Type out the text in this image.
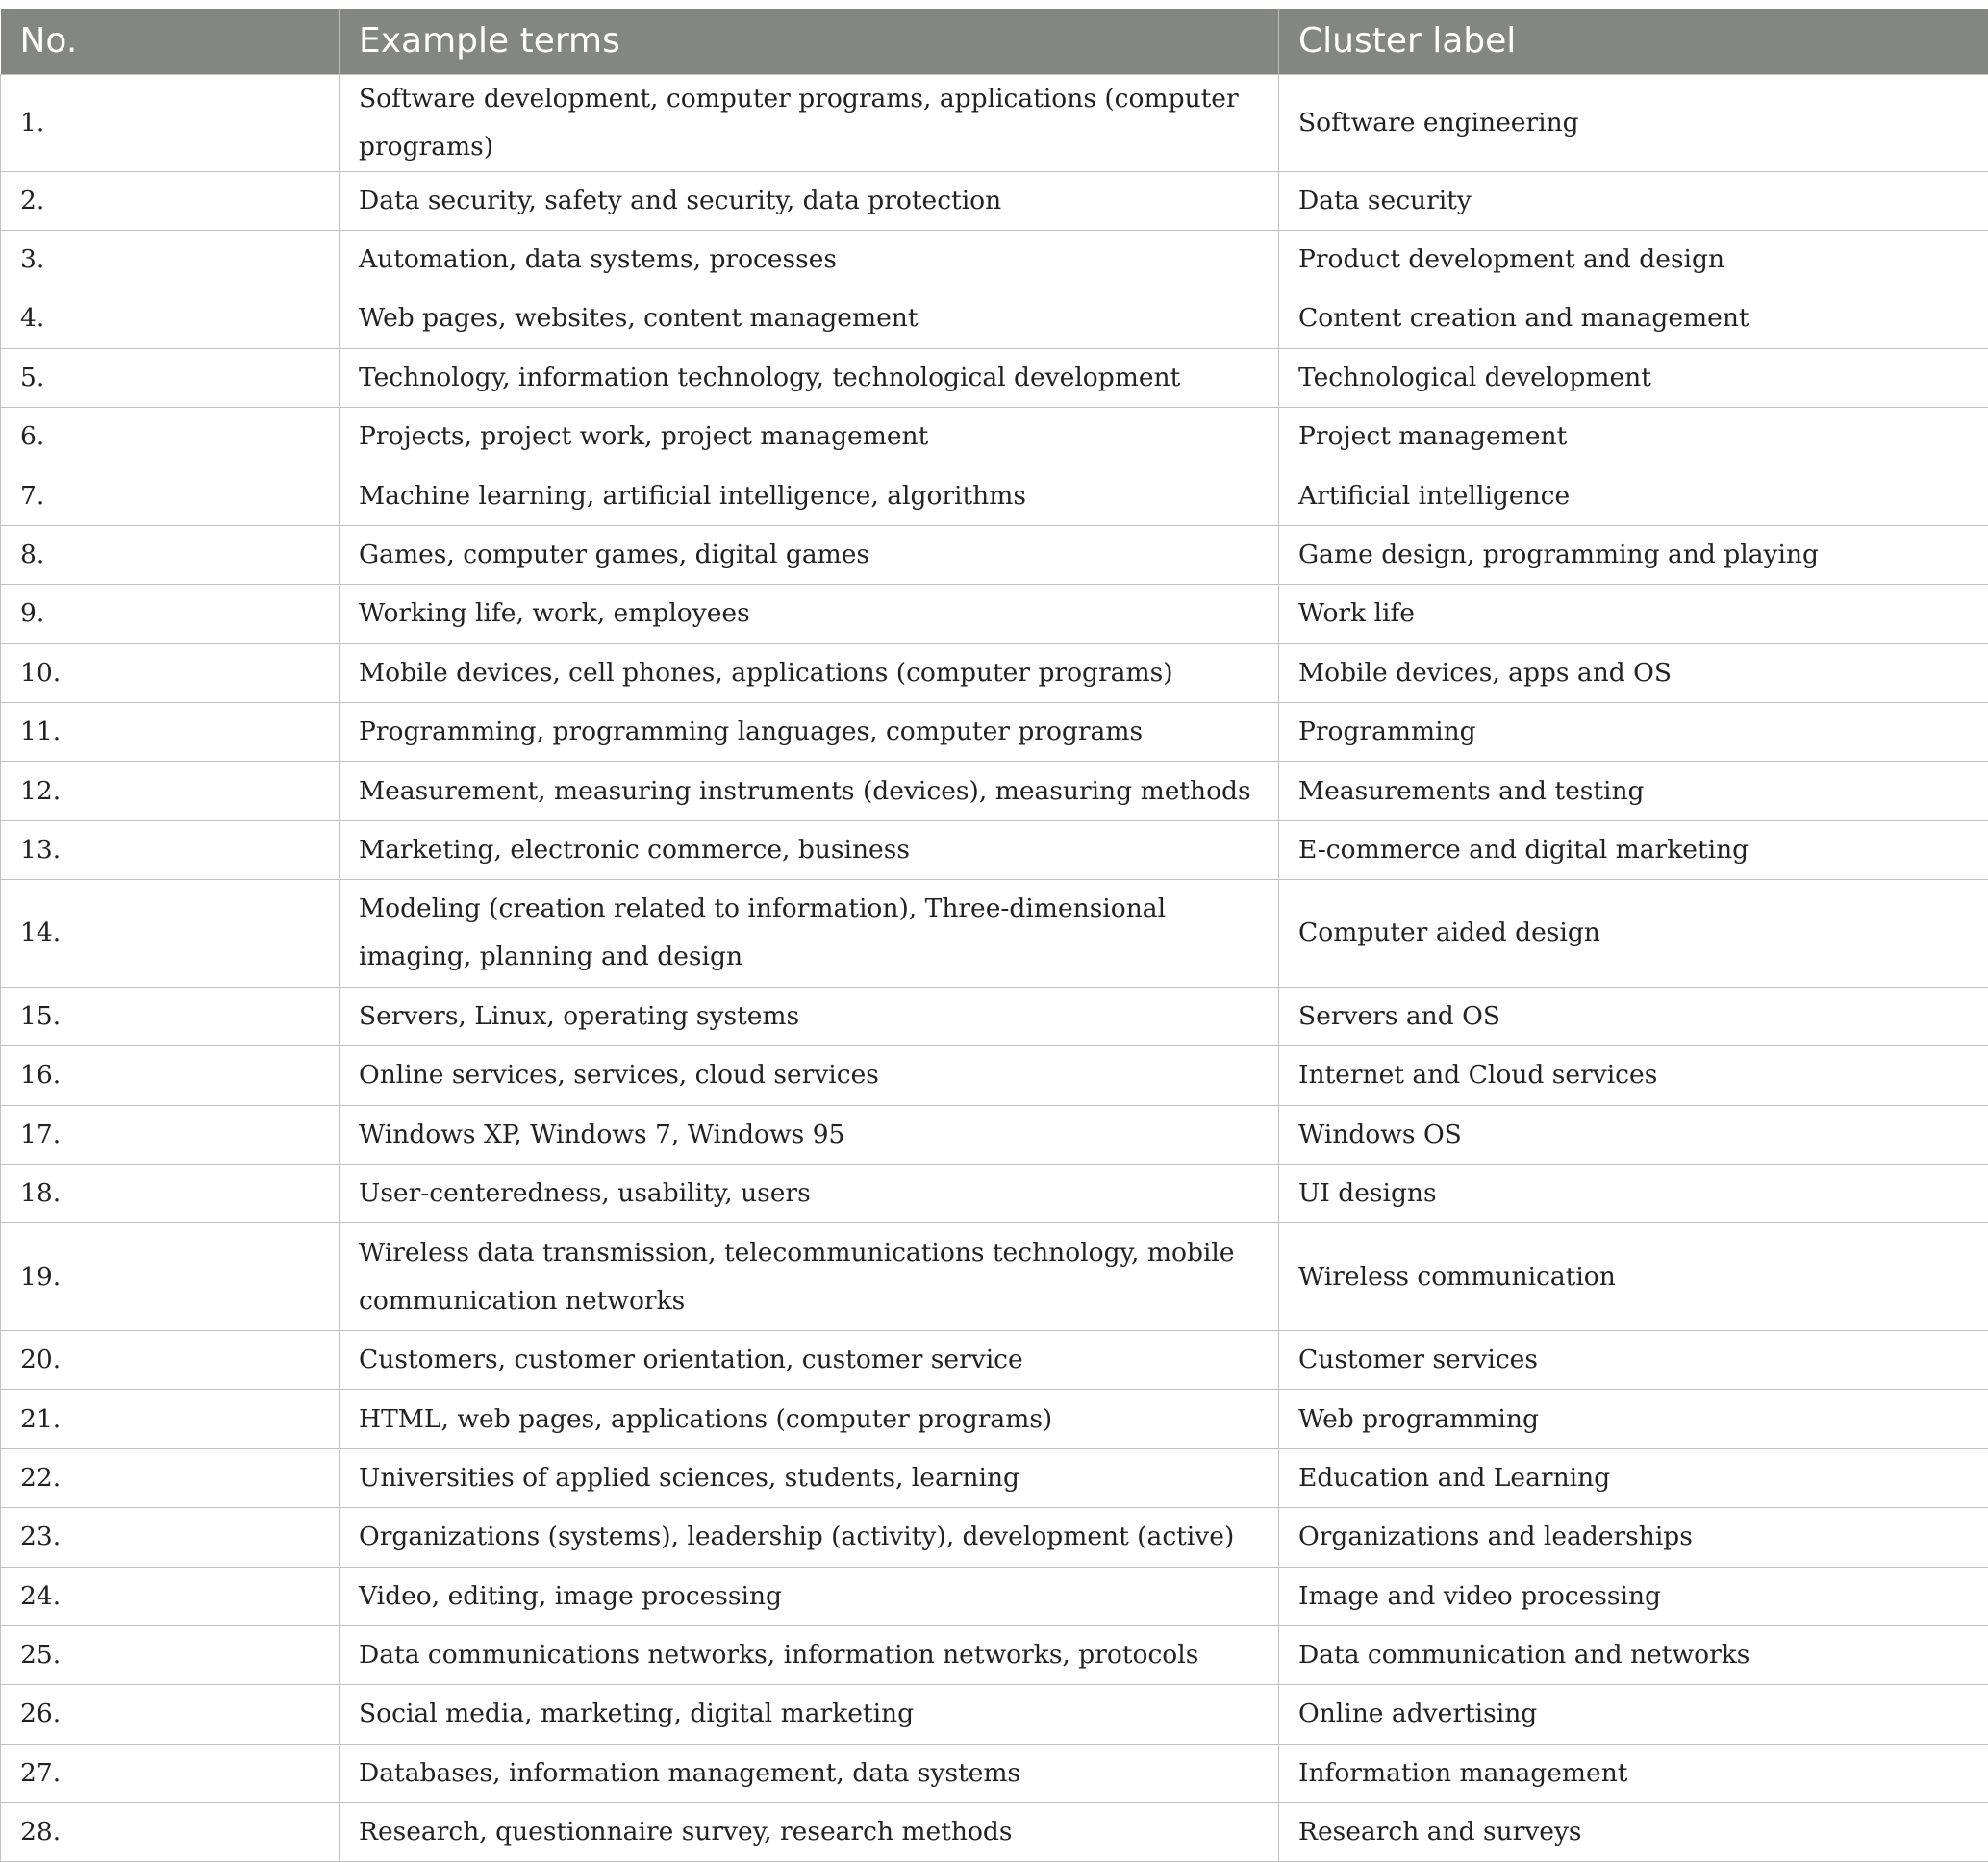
No.	Example terms	Cluster label
1.	Software development, computer programs, applications (computer programs)	Software engineering
2.	Data security, safety and security, data protection	Data security
3.	Automation, data systems, processes	Product development and design
4.	Web pages, websites, content management	Content creation and management
5.	Technology, information technology, technological development	Technological development
6.	Projects, project work, project management	Project management
7.	Machine learning, artificial intelligence, algorithms	Artificial intelligence
8.	Games, computer games, digital games	Game design, programming and playing
9.	Working life, work, employees	Work life
10.	Mobile devices, cell phones, applications (computer programs)	Mobile devices, apps and OS
11.	Programming, programming languages, computer programs	Programming
12.	Measurement, measuring instruments (devices), measuring methods	Measurements and testing
13.	Marketing, electronic commerce, business	E-commerce and digital marketing
14.	Modeling (creation related to information), Three-dimensional imaging, planning and design	Computer aided design
15.	Servers, Linux, operating systems	Servers and OS
16.	Online services, services, cloud services	Internet and Cloud services
17.	Windows XP, Windows 7, Windows 95	Windows OS
18.	User-centeredness, usability, users	UI designs
19.	Wireless data transmission, telecommunications technology, mobile communication networks	Wireless communication
20.	Customers, customer orientation, customer service	Customer services
21.	HTML, web pages, applications (computer programs)	Web programming
22.	Universities of applied sciences, students, learning	Education and Learning
23.	Organizations (systems), leadership (activity), development (active)	Organizations and leaderships
24.	Video, editing, image processing	Image and video processing
25.	Data communications networks, information networks, protocols	Data communication and networks
26.	Social media, marketing, digital marketing	Online advertising
27.	Databases, information management, data systems	Information management
28.	Research, questionnaire survey, research methods	Research and surveys
